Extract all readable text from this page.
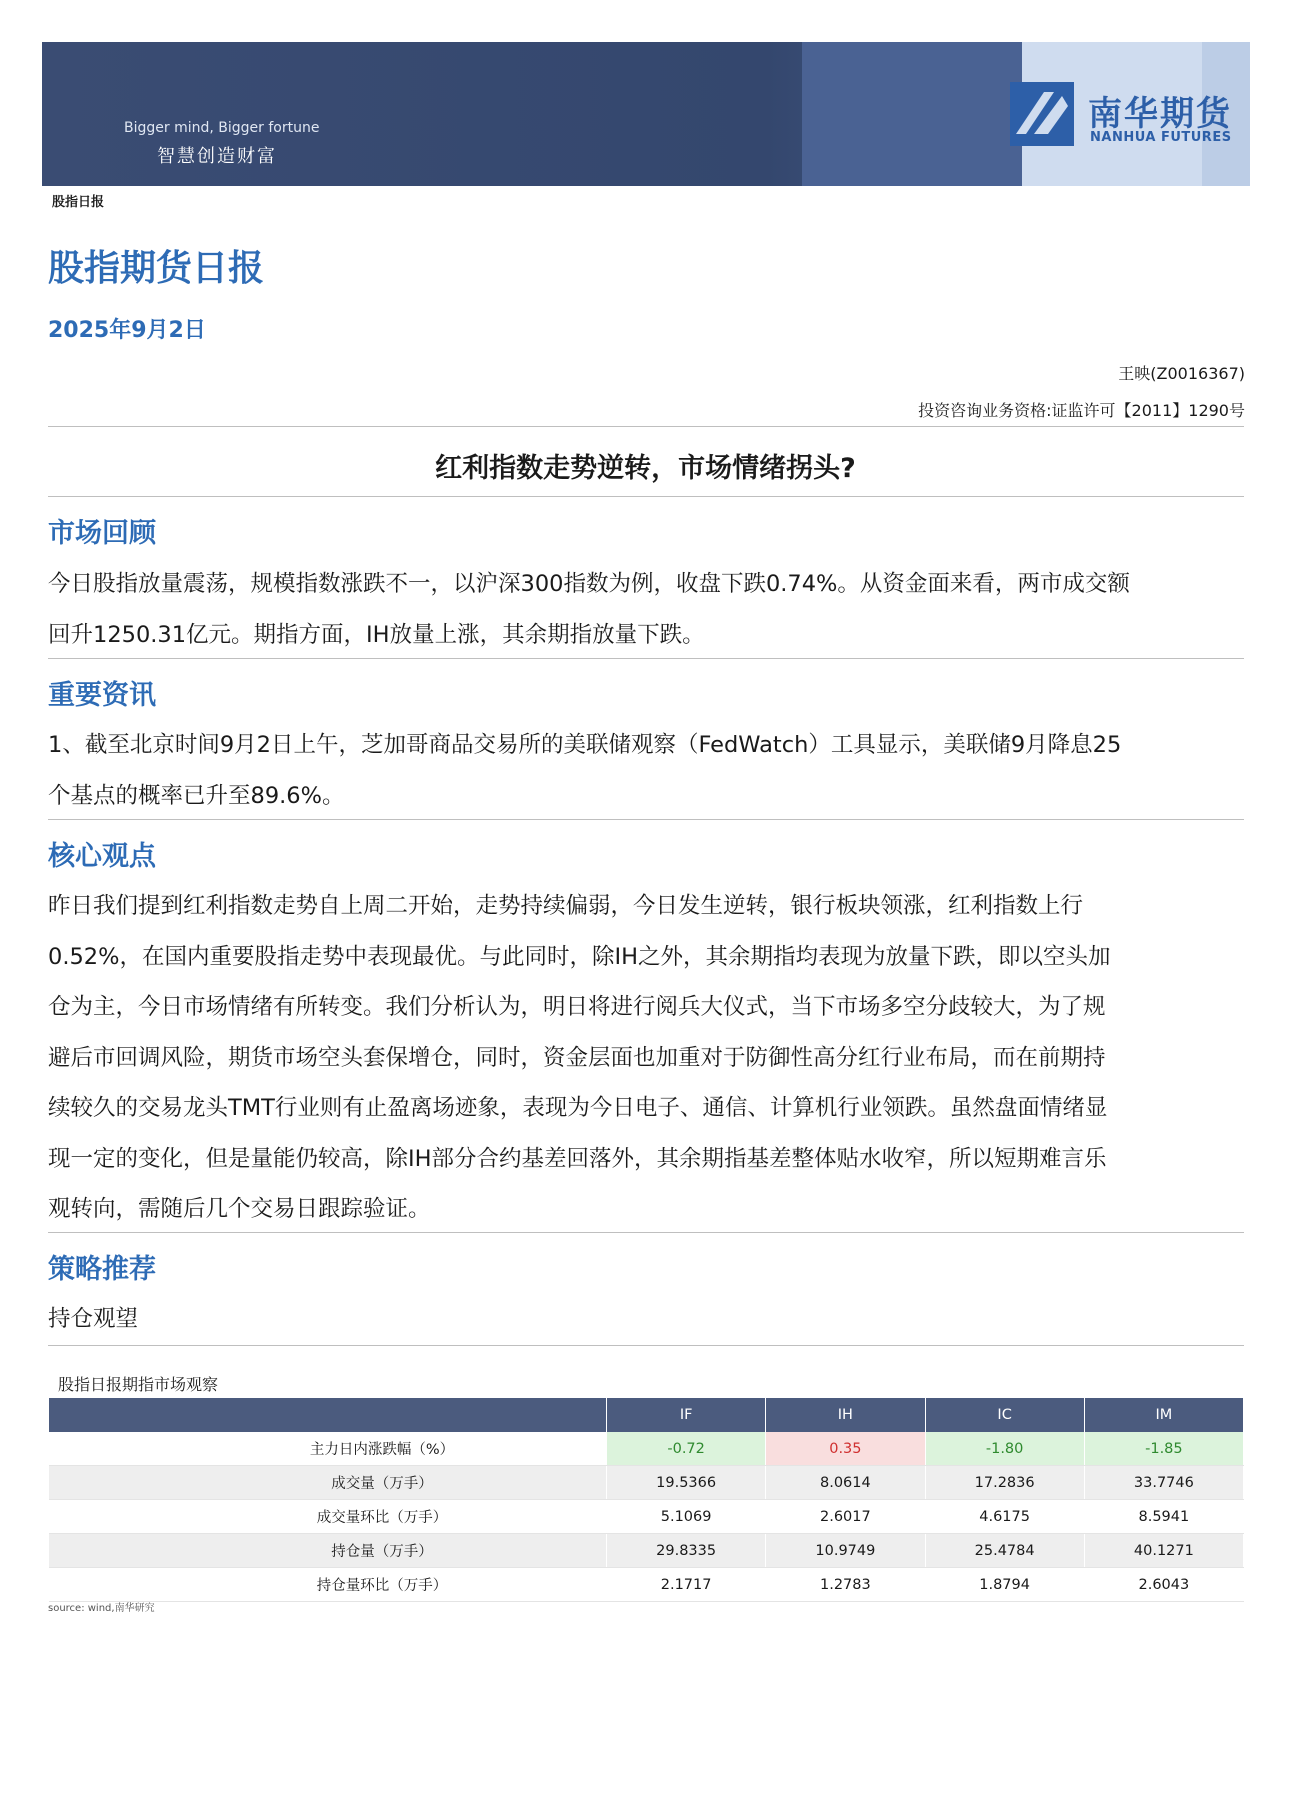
Bigger mind, Bigger fortune
智慧创造财富
南华期货
NANHUA FUTURES
股指日报
股指期货日报
2025年9月2日
王映(Z0016367)
投资咨询业务资格:证监许可【2011】1290号
红利指数走势逆转，市场情绪拐头?
市场回顾
今日股指放量震荡，规模指数涨跌不一，以沪深300指数为例，收盘下跌0.74%。从资金面来看，两市成交额
回升1250.31亿元。期指方面，IH放量上涨，其余期指放量下跌。
重要资讯
1、截至北京时间9月2日上午，芝加哥商品交易所的美联储观察（FedWatch）工具显示，美联储9月降息25
个基点的概率已升至89.6%。
核心观点
昨日我们提到红利指数走势自上周二开始，走势持续偏弱，今日发生逆转，银行板块领涨，红利指数上行
0.52%，在国内重要股指走势中表现最优。与此同时，除IH之外，其余期指均表现为放量下跌，即以空头加
仓为主，今日市场情绪有所转变。我们分析认为，明日将进行阅兵大仪式，当下市场多空分歧较大，为了规
避后市回调风险，期货市场空头套保增仓，同时，资金层面也加重对于防御性高分红行业布局，而在前期持
续较久的交易龙头TMT行业则有止盈离场迹象，表现为今日电子、通信、计算机行业领跌。虽然盘面情绪显
现一定的变化，但是量能仍较高，除IH部分合约基差回落外，其余期指基差整体贴水收窄，所以短期难言乐
观转向，需随后几个交易日跟踪验证。
策略推荐
持仓观望
股指日报期指市场观察
	IF	IH	IC	IM
主力日内涨跌幅（%）	-0.72	0.35	-1.80	-1.85
成交量（万手）	19.5366	8.0614	17.2836	33.7746
成交量环比（万手）	5.1069	2.6017	4.6175	8.5941
持仓量（万手）	29.8335	10.9749	25.4784	40.1271
持仓量环比（万手）	2.1717	1.2783	1.8794	2.6043
source: wind,南华研究
